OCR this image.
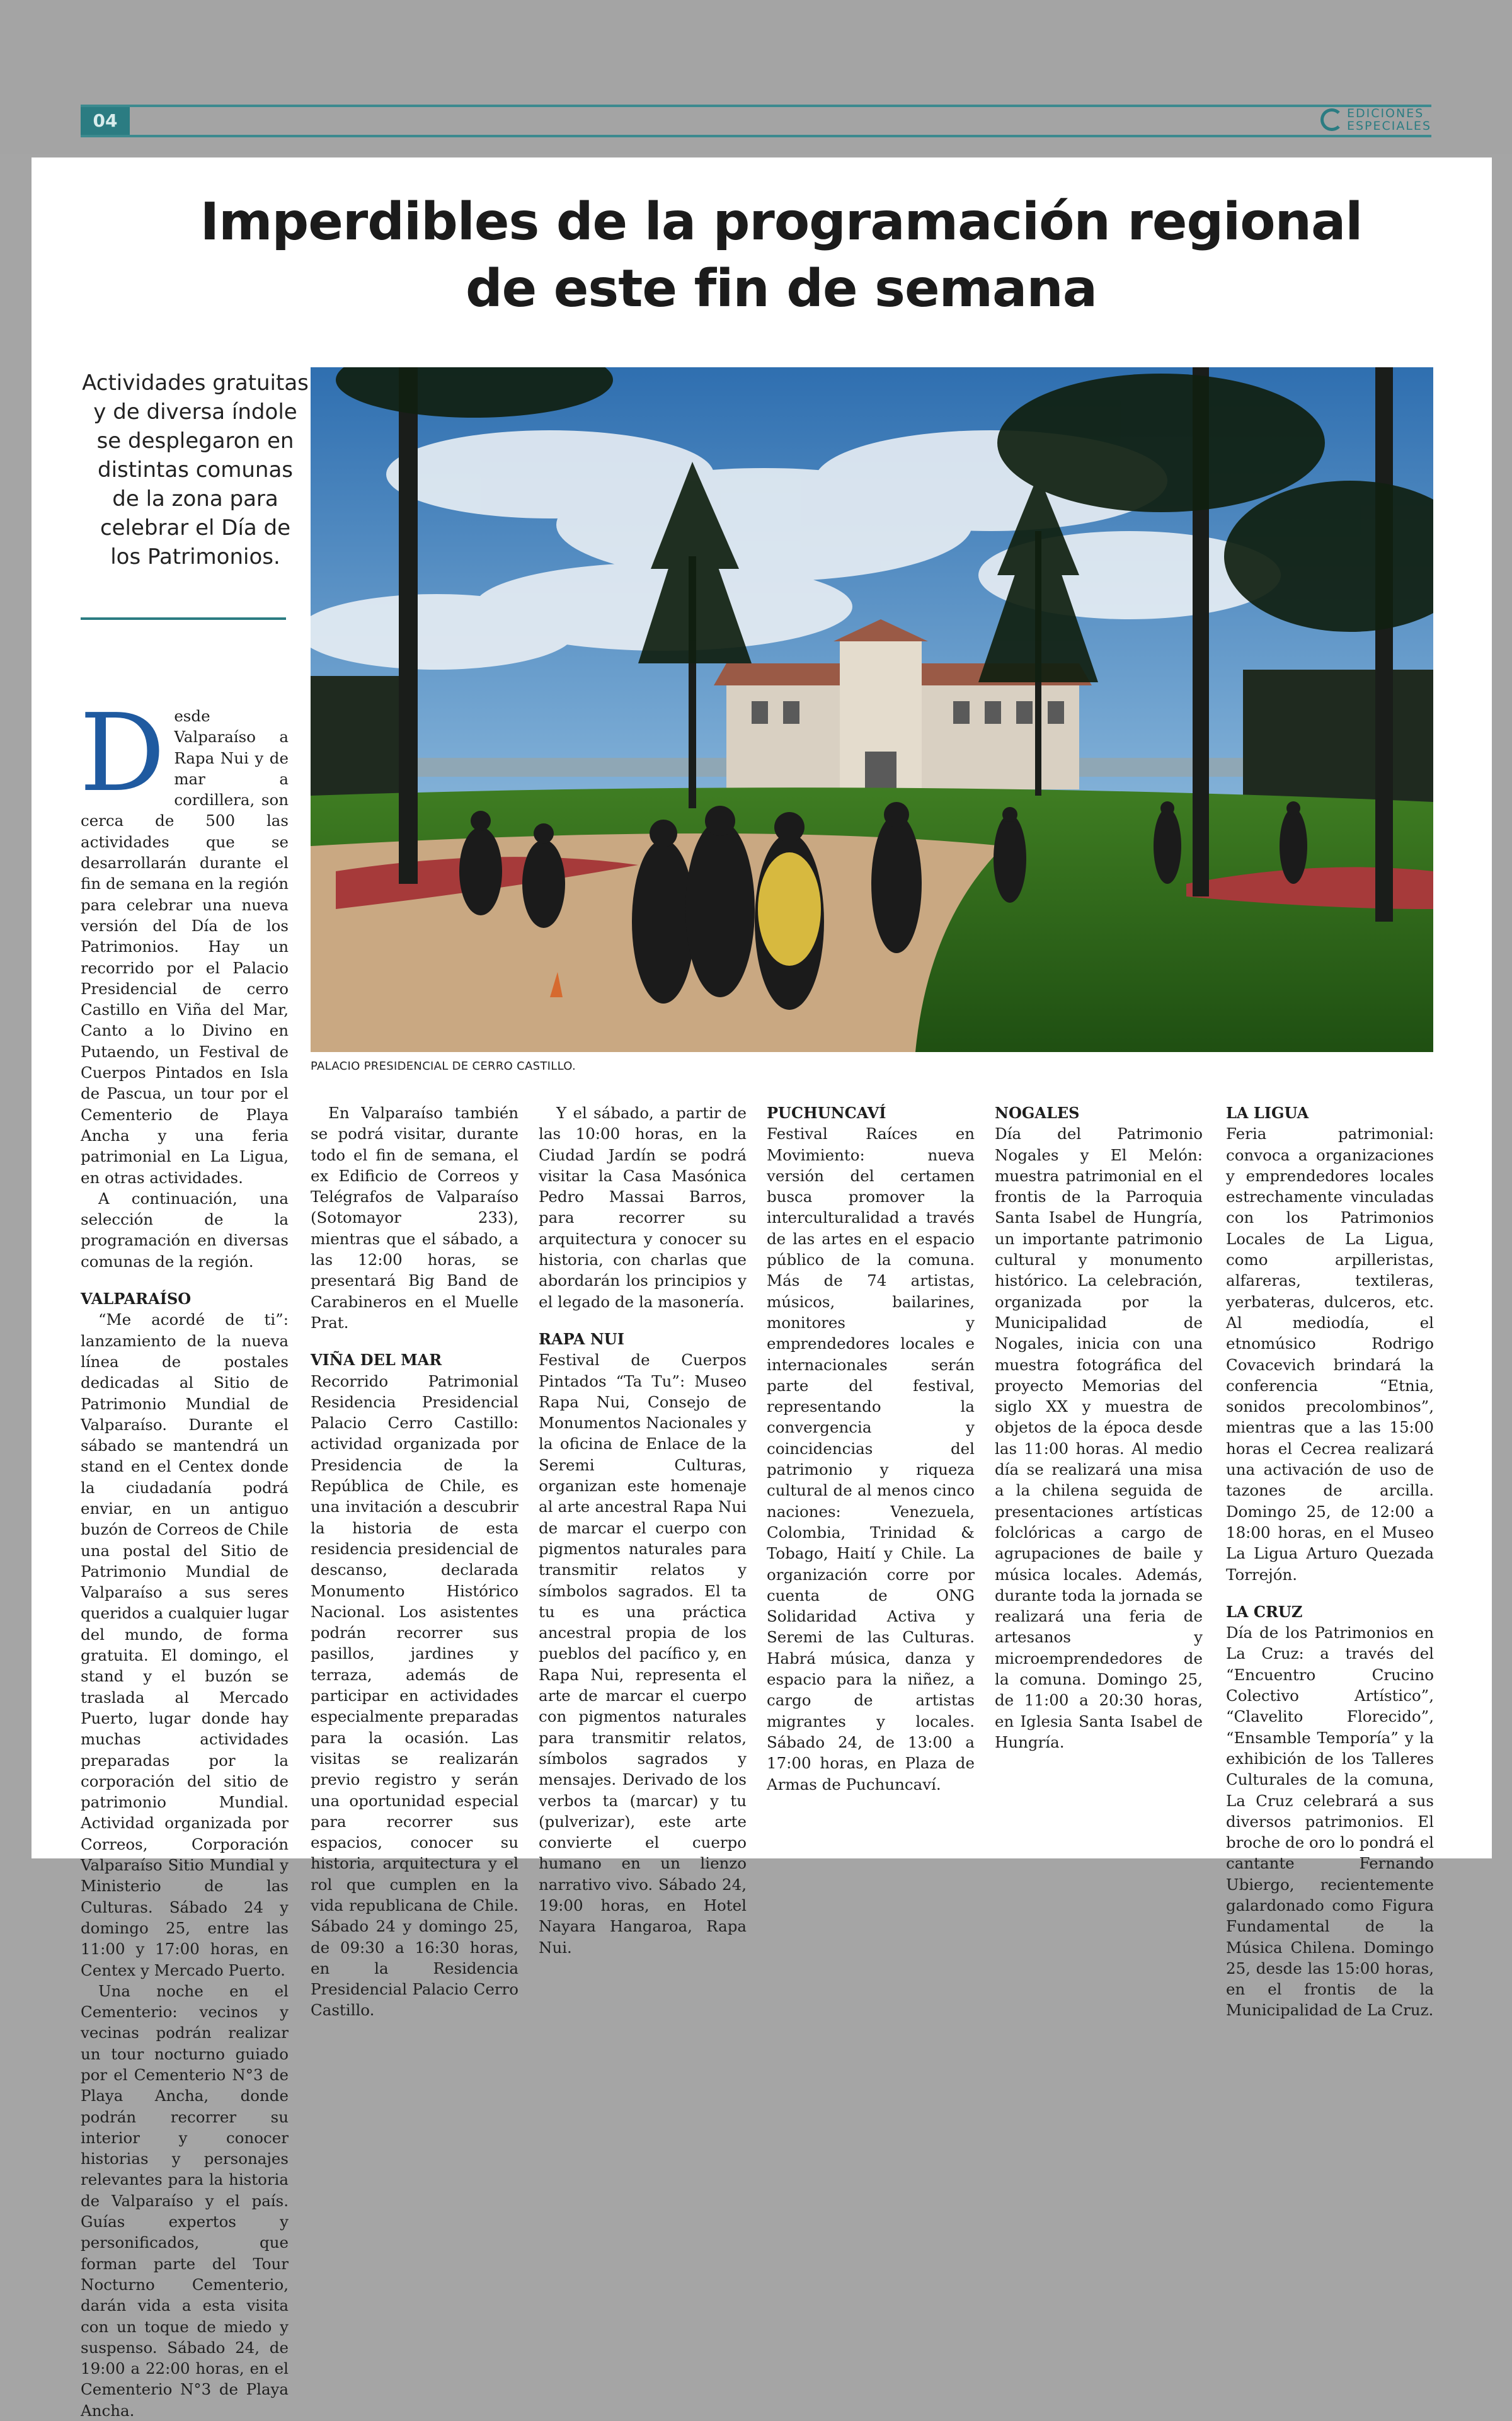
04	EDICIONES
ESPECIALES
Imperdibles de la programación regional
de este fin de semana
Actividades gratuitas y de diversa índole se desplegaron en distintas comunas de la zona para celebrar el Día de los Patrimonios.
PALACIO PRESIDENCIAL DE CERRO CASTILLO.

Desde Valparaíso a Rapa Nui y de mar a cordillera, son cerca de 500 las actividades que se desarrollarán durante el fin de semana en la región para celebrar una nueva versión del Día de los Patrimonios. Hay un recorrido por el Palacio Presidencial de cerro Castillo en Viña del Mar, Canto a lo Divino en Putaendo, un Festival de Cuerpos Pintados en Isla de Pascua, un tour por el Cementerio de Playa Ancha y una feria patrimonial en La Ligua, en otras actividades.

A continuación, una selección de la programación en diversas comunas de la región.

VALPARAÍSO

“Me acordé de ti”: lanzamiento de la nueva línea de postales dedicadas al Sitio de Patrimonio Mundial de Valparaíso. Durante el sábado se mantendrá un stand en el Centex donde la ciudadanía podrá enviar, en un antiguo buzón de Correos de Chile una postal del Sitio de Patrimonio Mundial de Valparaíso a sus seres queridos a cualquier lugar del mundo, de forma gratuita. El domingo, el stand y el buzón se traslada al Mercado Puerto, lugar donde hay muchas actividades preparadas por la corporación del sitio de patrimonio Mundial. Actividad organizada por Correos, Corporación Valparaíso Sitio Mundial y Ministerio de las Culturas. Sábado 24 y domingo 25, entre las 11:00 y 17:00 horas, en Centex y Mercado Puerto.

Una noche en el Cementerio: vecinos y vecinas podrán realizar un tour nocturno guiado por el Cementerio N°3 de Playa Ancha, donde podrán recorrer su interior y conocer historias y personajes relevantes para la historia de Valparaíso y el país. Guías expertos y personificados, que forman parte del Tour Nocturno Cementerio, darán vida a esta visita con un toque de miedo y suspenso. Sábado 24, de 19:00 a 22:00 horas, en el Cementerio N°3 de Playa Ancha.

En Valparaíso también se podrá visitar, durante todo el fin de semana, el ex Edificio de Correos y Telégrafos de Valparaíso (Sotomayor 233), mientras que el sábado, a las 12:00 horas, se presentará Big Band de Carabineros en el Muelle Prat.

VIÑA DEL MAR

Recorrido Patrimonial Residencia Presidencial Palacio Cerro Castillo: actividad organizada por Presidencia de la República de Chile, es una invitación a descubrir la historia de esta residencia presidencial de descanso, declarada Monumento Histórico Nacional. Los asistentes podrán recorrer sus pasillos, jardines y terraza, además de participar en actividades especialmente preparadas para la ocasión. Las visitas se realizarán previo registro y serán una oportunidad especial para recorrer sus espacios, conocer su historia, arquitectura y el rol que cumplen en la vida republicana de Chile. Sábado 24 y domingo 25, de 09:30 a 16:30 horas, en la Residencia Presidencial Palacio Cerro Castillo.

Y el sábado, a partir de las 10:00 horas, en la Ciudad Jardín se podrá visitar la Casa Masónica Pedro Massai Barros, para recorrer su arquitectura y conocer su historia, con charlas que abordarán los principios y el legado de la masonería.

RAPA NUI

Festival de Cuerpos Pintados “Ta Tu”: Museo Rapa Nui, Consejo de Monumentos Nacionales y la oficina de Enlace de la Seremi Culturas, organizan este homenaje al arte ancestral Rapa Nui de marcar el cuerpo con pigmentos naturales para transmitir relatos y símbolos sagrados. El ta tu es una práctica ancestral propia de los pueblos del pacífico y, en Rapa Nui, representa el arte de marcar el cuerpo con pigmentos naturales para transmitir relatos, símbolos sagrados y mensajes. Derivado de los verbos ta (marcar) y tu (pulverizar), este arte convierte el cuerpo humano en un lienzo narrativo vivo. Sábado 24, 19:00 horas, en Hotel Nayara Hangaroa, Rapa Nui.

PUCHUNCAVÍ

Festival Raíces en Movimiento: nueva versión del certamen busca promover la interculturalidad a través de las artes en el espacio público de la comuna. Más de 74 artistas, músicos, bailarines, monitores y emprendedores locales e internacionales serán parte del festival, representando la convergencia y coincidencias del patrimonio y riqueza cultural de al menos cinco naciones: Venezuela, Colombia, Trinidad & Tobago, Haití y Chile. La organización corre por cuenta de ONG Solidaridad Activa y Seremi de las Culturas. Habrá música, danza y espacio para la niñez, a cargo de artistas migrantes y locales. Sábado 24, de 13:00 a 17:00 horas, en Plaza de Armas de Puchuncaví.

NOGALES

Día del Patrimonio Nogales y El Melón: muestra patrimonial en el frontis de la Parroquia Santa Isabel de Hungría, un importante patrimonio cultural y monumento histórico. La celebración, organizada por la Municipalidad de Nogales, inicia con una muestra fotográfica del proyecto Memorias del siglo XX y muestra de objetos de la época desde las 11:00 horas. Al medio día se realizará una misa a la chilena seguida de presentaciones artísticas folclóricas a cargo de agrupaciones de baile y música locales. Además, durante toda la jornada se realizará una feria de artesanos y microemprendedores de la comuna. Domingo 25, de 11:00 a 20:30 horas, en Iglesia Santa Isabel de Hungría.

LA LIGUA

Feria patrimonial: convoca a organizaciones y emprendedores locales estrechamente vinculadas con los Patrimonios Locales de La Ligua, como arpilleristas, alfareras, textileras, yerbateras, dulceros, etc. Al mediodía, el etnomúsico Rodrigo Covacevich brindará la conferencia “Etnia, sonidos precolombinos”, mientras que a las 15:00 horas el Cecrea realizará una activación de uso de tazones de arcilla. Domingo 25, de 12:00 a 18:00 horas, en el Museo La Ligua Arturo Quezada Torrejón.

LA CRUZ

Día de los Patrimonios en La Cruz: a través del “Encuentro Crucino Colectivo Artístico”, “Clavelito Florecido”, “Ensamble Temporía” y la exhibición de los Talleres Culturales de la comuna, La Cruz celebrará a sus diversos patrimonios. El broche de oro lo pondrá el cantante Fernando Ubiergo, recientemente galardonado como Figura Fundamental de la Música Chilena. Domingo 25, desde las 15:00 horas, en el frontis de la Municipalidad de La Cruz.
